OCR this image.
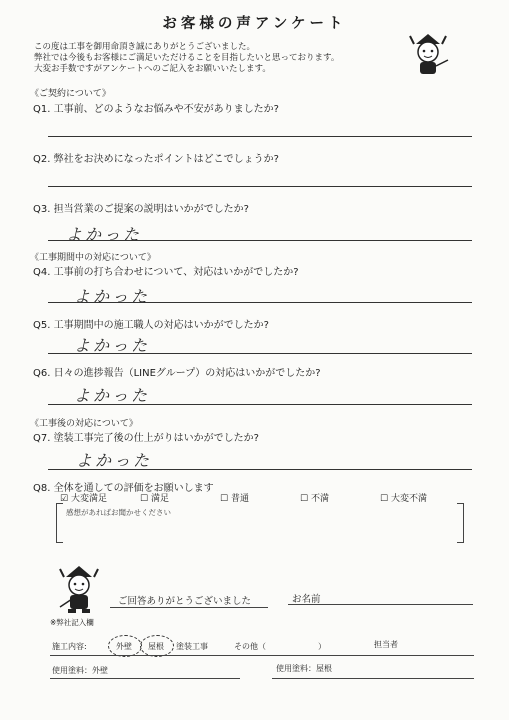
お客様の声アンケート
この度は工事を御用命頂き誠にありがとうございました。
弊社では今後もお客様にご満足いただけることを目指したいと思っております。
大変お手数ですがアンケートへのご記入をお願いいたします。
《ご契約について》
Q1. 工事前、どのようなお悩みや不安がありましたか?
Q2. 弊社をお決めになったポイントはどこでしょうか?
Q3. 担当営業のご提案の説明はいかがでしたか?
よかった
《工事期間中の対応について》
Q4. 工事前の打ち合わせについて、対応はいかがでしたか?
よかった
Q5. 工事期間中の施工職人の対応はいかがでしたか?
よかった
Q6. 日々の進捗報告（LINEグループ）の対応はいかがでしたか?
よかった
《工事後の対応について》
Q7. 塗装工事完了後の仕上がりはいかがでしたか?
よかった
Q8. 全体を通しての評価をお願いします
☑ 大変満足	☐ 満足	☐ 普通	☐ 不満	☐ 大変不満
感想があればお聞かせください
ご回答ありがとうございました	お名前
※弊社記入欄
施工内容:	外壁 屋根 塗装工事	その他（	）	担当者
使用塗料：外壁	使用塗料：屋根
